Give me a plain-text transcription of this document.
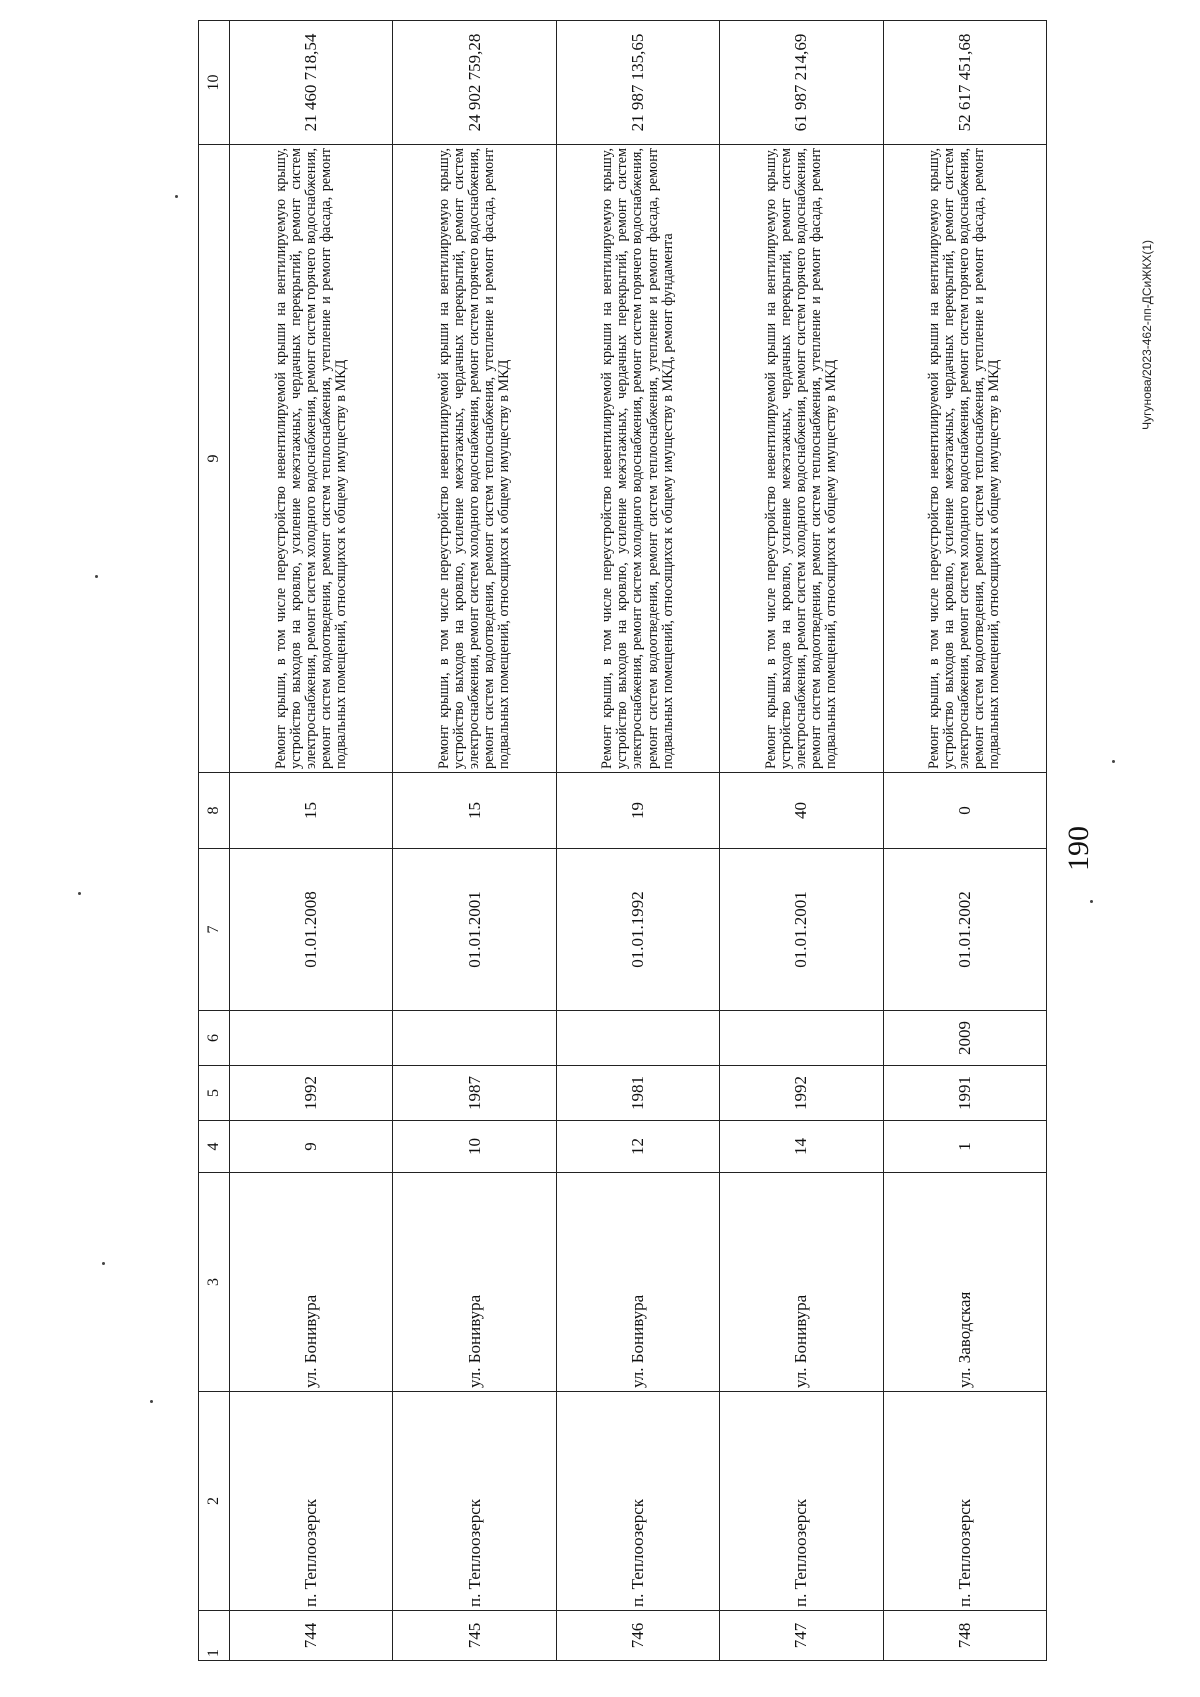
190
1	2	3	4	5	6	7	8	9	10
744	п. Теплоозерск	ул. Бонивура	9	1992		01.01.2008	15	Ремонт крыши, в том числе переустройство невентилируемой крыши на вентилируемую крышу, устройство выходов на кровлю, усиление межэтажных, чердачных перекрытий, ремонт систем электроснабжения, ремонт систем холодного водоснабжения, ремонт систем горячего водоснабжения, ремонт систем водоотведения, ремонт систем теплоснабжения, утепление и ремонт фасада, ремонт подвальных помещений, относящихся к общему имуществу в МКД	21 460 718,54
745	п. Теплоозерск	ул. Бонивура	10	1987		01.01.2001	15	Ремонт крыши, в том числе переустройство невентилируемой крыши на вентилируемую крышу, устройство выходов на кровлю, усиление межэтажных, чердачных перекрытий, ремонт систем электроснабжения, ремонт систем холодного водоснабжения, ремонт систем горячего водоснабжения, ремонт систем водоотведения, ремонт систем теплоснабжения, утепление и ремонт фасада, ремонт подвальных помещений, относящихся к общему имуществу в МКД	24 902 759,28
746	п. Теплоозерск	ул. Бонивура	12	1981		01.01.1992	19	Ремонт крыши, в том числе переустройство невентилируемой крыши на вентилируемую крышу, устройство выходов на кровлю, усиление межэтажных, чердачных перекрытий, ремонт систем электроснабжения, ремонт систем холодного водоснабжения, ремонт систем горячего водоснабжения, ремонт систем водоотведения, ремонт систем теплоснабжения, утепление и ремонт фасада, ремонт подвальных помещений, относящихся к общему имуществу в МКД, ремонт фундамента	21 987 135,65
747	п. Теплоозерск	ул. Бонивура	14	1992		01.01.2001	40	Ремонт крыши, в том числе переустройство невентилируемой крыши на вентилируемую крышу, устройство выходов на кровлю, усиление межэтажных, чердачных перекрытий, ремонт систем электроснабжения, ремонт систем холодного водоснабжения, ремонт систем горячего водоснабжения, ремонт систем водоотведения, ремонт систем теплоснабжения, утепление и ремонт фасада, ремонт подвальных помещений, относящихся к общему имуществу в МКД	61 987 214,69
748	п. Теплоозерск	ул. Заводская	1	1991	2009	01.01.2002	0	Ремонт крыши, в том числе переустройство невентилируемой крыши на вентилируемую крышу, устройство выходов на кровлю, усиление межэтажных, чердачных перекрытий, ремонт систем электроснабжения, ремонт систем холодного водоснабжения, ремонт систем горячего водоснабжения, ремонт систем водоотведения, ремонт систем теплоснабжения, утепление и ремонт фасада, ремонт подвальных помещений, относящихся к общему имуществу в МКД	52 617 451,68
Чугунова/2023-462-пп-ДСиЖКХ(1)
